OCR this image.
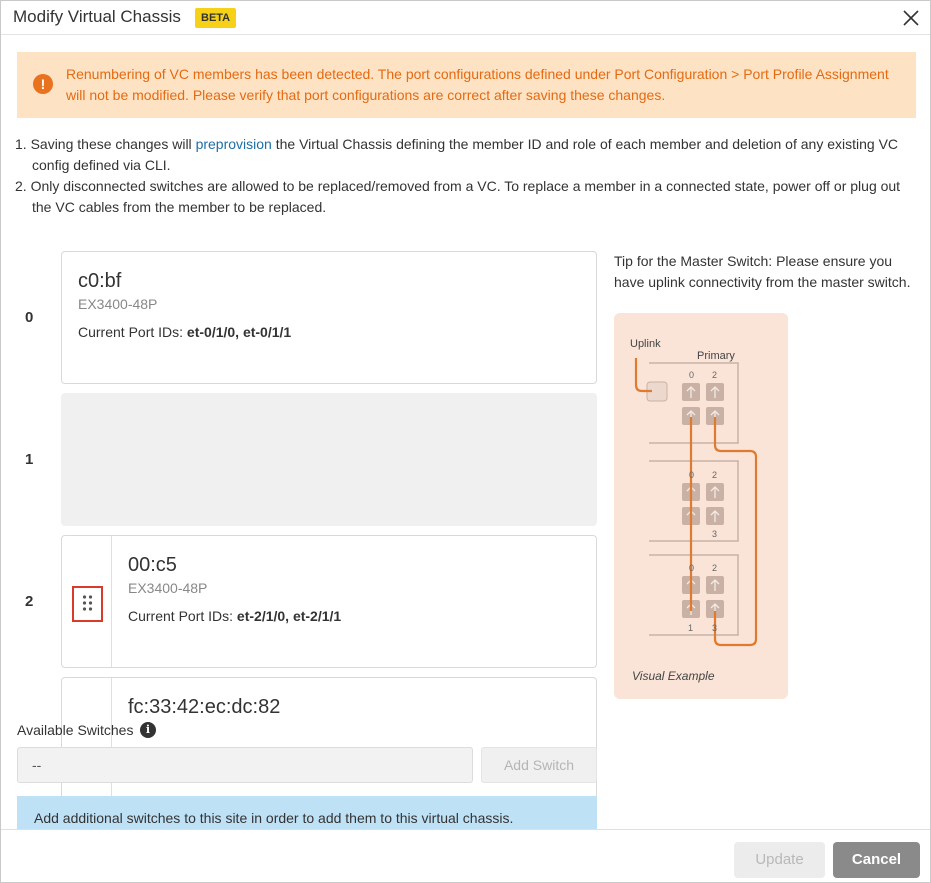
Modify Virtual Chassis	BETA
!
Renumbering of VC members has been detected. The port configurations defined under Port Configuration > Port Profile Assignment will not be modified. Please verify that port configurations are correct after saving these changes.

1. Saving these changes will preprovision the Virtual Chassis defining the member ID and role of each member and deletion of any existing VC config defined via CLI.

2. Only disconnected switches are allowed to be replaced/removed from a VC. To replace a member in a connected state, power off or plug out the VC cables from the member to be replaced.

0
c0:bf
EX3400-48P
Current Port IDs: et-0/1/0, et-0/1/1
1
2
00:c5
EX3400-48P
Current Port IDs: et-2/1/0, et-2/1/1
fc:33:42:ec:dc:82
Tip for the Master Switch: Please ensure you have uplink connectivity from the master switch.
0 2
0 2
3
0 2
1 3
Uplink
Primary
Visual Example
Available Switches	i
--	Add Switch
Add additional switches to this site in order to add them to this virtual chassis.
Update	Cancel
